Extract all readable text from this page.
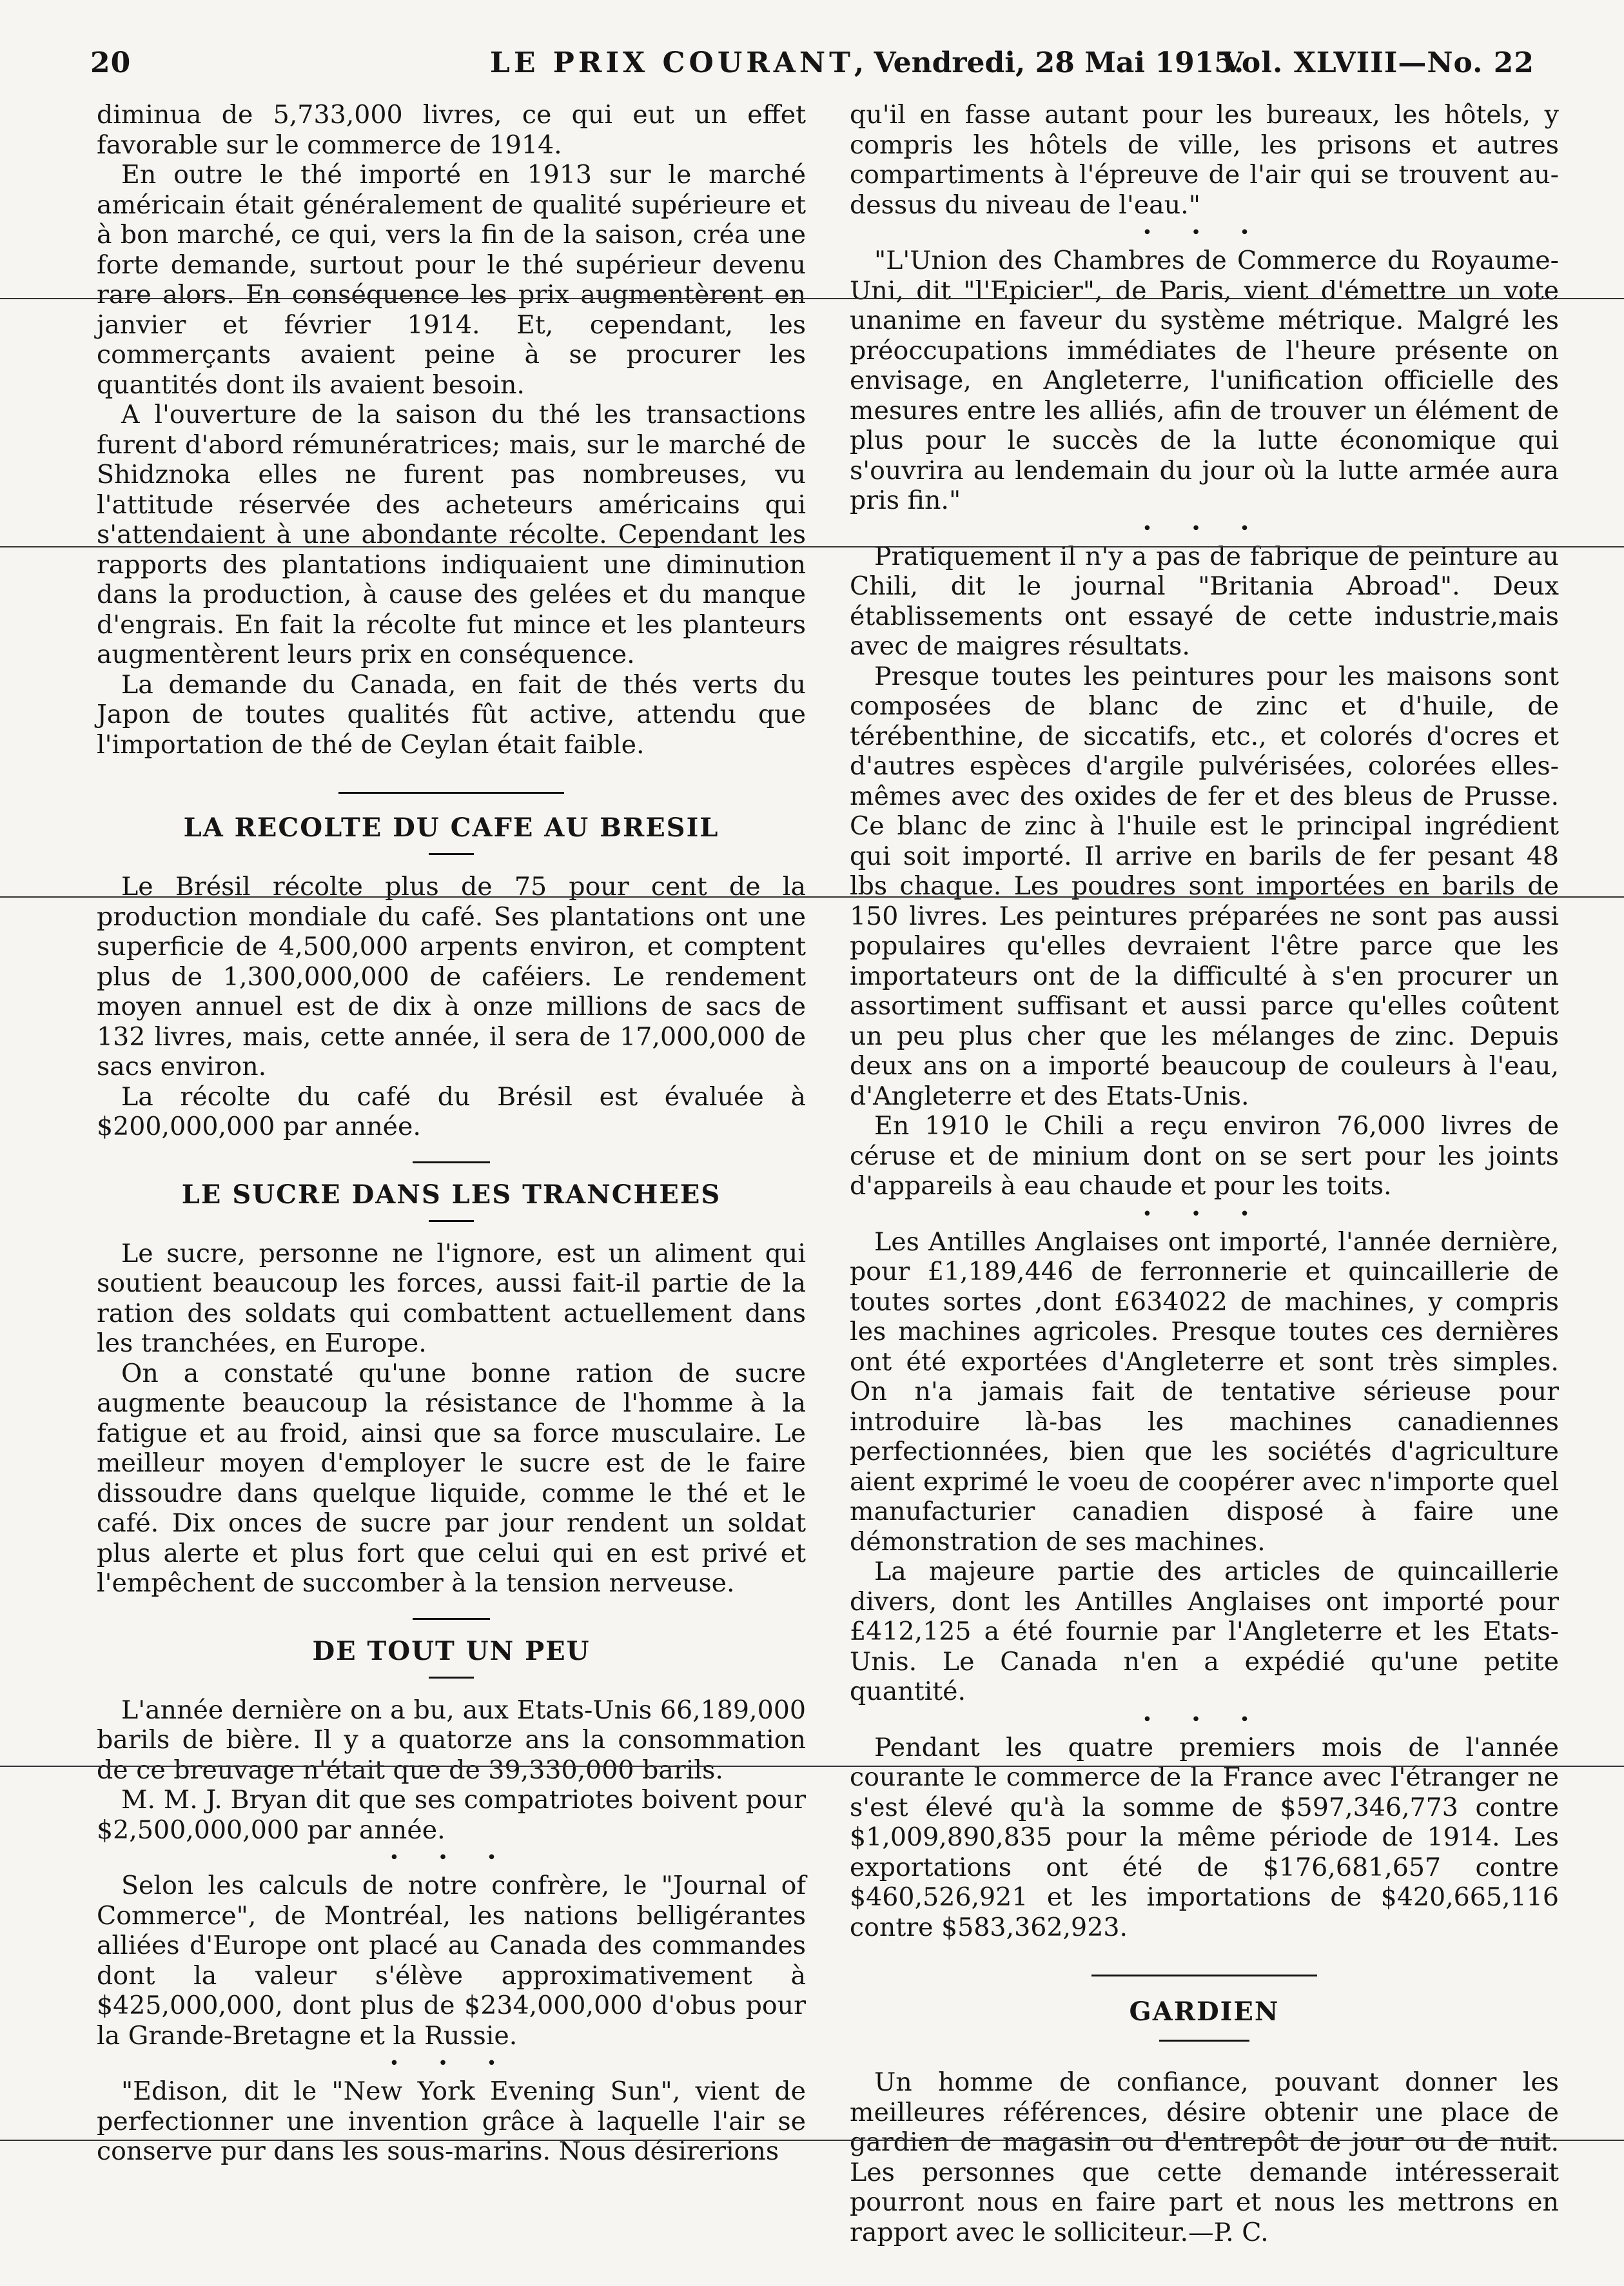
20	LE PRIX COURANT, Vendredi, 28 Mai 1915.
Vol. XLVIII—No. 22

diminua de 5,733,000 livres, ce qui eut un effet favorable sur le commerce de 1914.

En outre le thé importé en 1913 sur le marché américain était généralement de qualité supérieure et à bon marché, ce qui, vers la fin de la saison, créa une forte demande, surtout pour le thé supérieur devenu rare alors. En conséquence les prix augmentèrent en janvier et février 1914. Et, cependant, les commerçants avaient peine à se procurer les quantités dont ils avaient besoin.

A l'ouverture de la saison du thé les transactions furent d'abord rémunératrices; mais, sur le marché de Shidznoka elles ne furent pas nombreuses, vu l'attitude réservée des acheteurs américains qui s'attendaient à une abondante récolte. Cependant les rapports des plantations indiquaient une diminution dans la production, à cause des gelées et du manque d'engrais. En fait la récolte fut mince et les planteurs augmentèrent leurs prix en conséquence.

La demande du Canada, en fait de thés verts du Japon de toutes qualités fût active, attendu que l'importation de thé de Ceylan était faible.

LA RECOLTE DU CAFE AU BRESIL

Le Brésil récolte plus de 75 pour cent de la production mondiale du café. Ses plantations ont une superficie de 4,500,000 arpents environ, et comptent plus de 1,300,000,000 de caféiers. Le rendement moyen annuel est de dix à onze millions de sacs de 132 livres, mais, cette année, il sera de 17,000,000 de sacs environ.

La récolte du café du Brésil est évaluée à $200,000,000 par année.

LE SUCRE DANS LES TRANCHEES

Le sucre, personne ne l'ignore, est un aliment qui soutient beaucoup les forces, aussi fait-il partie de la ration des soldats qui combattent actuellement dans les tranchées, en Europe.

On a constaté qu'une bonne ration de sucre augmente beaucoup la résistance de l'homme à la fatigue et au froid, ainsi que sa force musculaire. Le meilleur moyen d'employer le sucre est de le faire dissoudre dans quelque liquide, comme le thé et le café. Dix onces de sucre par jour rendent un soldat plus alerte et plus fort que celui qui en est privé et l'empêchent de succomber à la tension nerveuse.

DE TOUT UN PEU

L'année dernière on a bu, aux Etats-Unis 66,189,000 barils de bière. Il y a quatorze ans la consommation de ce breuvage n'était que de 39,330,000 barils.

M. M. J. Bryan dit que ses compatriotes boivent pour $2,500,000,000 par année.

• • •

Selon les calculs de notre confrère, le "Journal of Commerce", de Montréal, les nations belligérantes alliées d'Europe ont placé au Canada des commandes dont la valeur s'élève approximativement à $425,000,000, dont plus de $234,000,000 d'obus pour la Grande-Bretagne et la Russie.

• • •

"Edison, dit le "New York Evening Sun", vient de perfectionner une invention grâce à laquelle l'air se conserve pur dans les sous-marins. Nous désirerions

qu'il en fasse autant pour les bureaux, les hôtels, y compris les hôtels de ville, les prisons et autres compartiments à l'épreuve de l'air qui se trouvent au-dessus du niveau de l'eau."

• • •

"L'Union des Chambres de Commerce du Royaume-Uni, dit "l'Epicier", de Paris, vient d'émettre un vote unanime en faveur du système métrique. Malgré les préoccupations immédiates de l'heure présente on envisage, en Angleterre, l'unification officielle des mesures entre les alliés, afin de trouver un élément de plus pour le succès de la lutte économique qui s'ouvrira au lendemain du jour où la lutte armée aura pris fin."

• • •

Pratiquement il n'y a pas de fabrique de peinture au Chili, dit le journal "Britania Abroad". Deux établissements ont essayé de cette industrie,mais avec de maigres résultats.

Presque toutes les peintures pour les maisons sont composées de blanc de zinc et d'huile, de térébenthine, de siccatifs, etc., et colorés d'ocres et d'autres espèces d'argile pulvérisées, colorées elles-mêmes avec des oxides de fer et des bleus de Prusse. Ce blanc de zinc à l'huile est le principal ingrédient qui soit importé. Il arrive en barils de fer pesant 48 lbs chaque. Les poudres sont importées en barils de 150 livres. Les peintures préparées ne sont pas aussi populaires qu'elles devraient l'être parce que les importateurs ont de la difficulté à s'en procurer un assortiment suffisant et aussi parce qu'elles coûtent un peu plus cher que les mélanges de zinc. Depuis deux ans on a importé beaucoup de couleurs à l'eau, d'Angleterre et des Etats-Unis.

En 1910 le Chili a reçu environ 76,000 livres de céruse et de minium dont on se sert pour les joints d'appareils à eau chaude et pour les toits.

• • •

Les Antilles Anglaises ont importé, l'année dernière, pour £1,189,446 de ferronnerie et quincaillerie de toutes sortes ,dont £634022 de machines, y compris les machines agricoles. Presque toutes ces dernières ont été exportées d'Angleterre et sont très simples. On n'a jamais fait de tentative sérieuse pour introduire là-bas les machines canadiennes perfectionnées, bien que les sociétés d'agriculture aient exprimé le voeu de coopérer avec n'importe quel manufacturier canadien disposé à faire une démonstration de ses machines.

La majeure partie des articles de quincaillerie divers, dont les Antilles Anglaises ont importé pour £412,125 a été fournie par l'Angleterre et les Etats-Unis. Le Canada n'en a expédié qu'une petite quantité.

• • •

Pendant les quatre premiers mois de l'année courante le commerce de la France avec l'étranger ne s'est élevé qu'à la somme de $597,346,773 contre $1,009,890,835 pour la même période de 1914. Les exportations ont été de $176,681,657 contre $460,526,921 et les importations de $420,665,116 contre $583,362,923.

GARDIEN

Un homme de confiance, pouvant donner les meilleures références, désire obtenir une place de gardien de magasin ou d'entrepôt de jour ou de nuit. Les personnes que cette demande intéresserait pourront nous en faire part et nous les mettrons en rapport avec le solliciteur.—P. C.
